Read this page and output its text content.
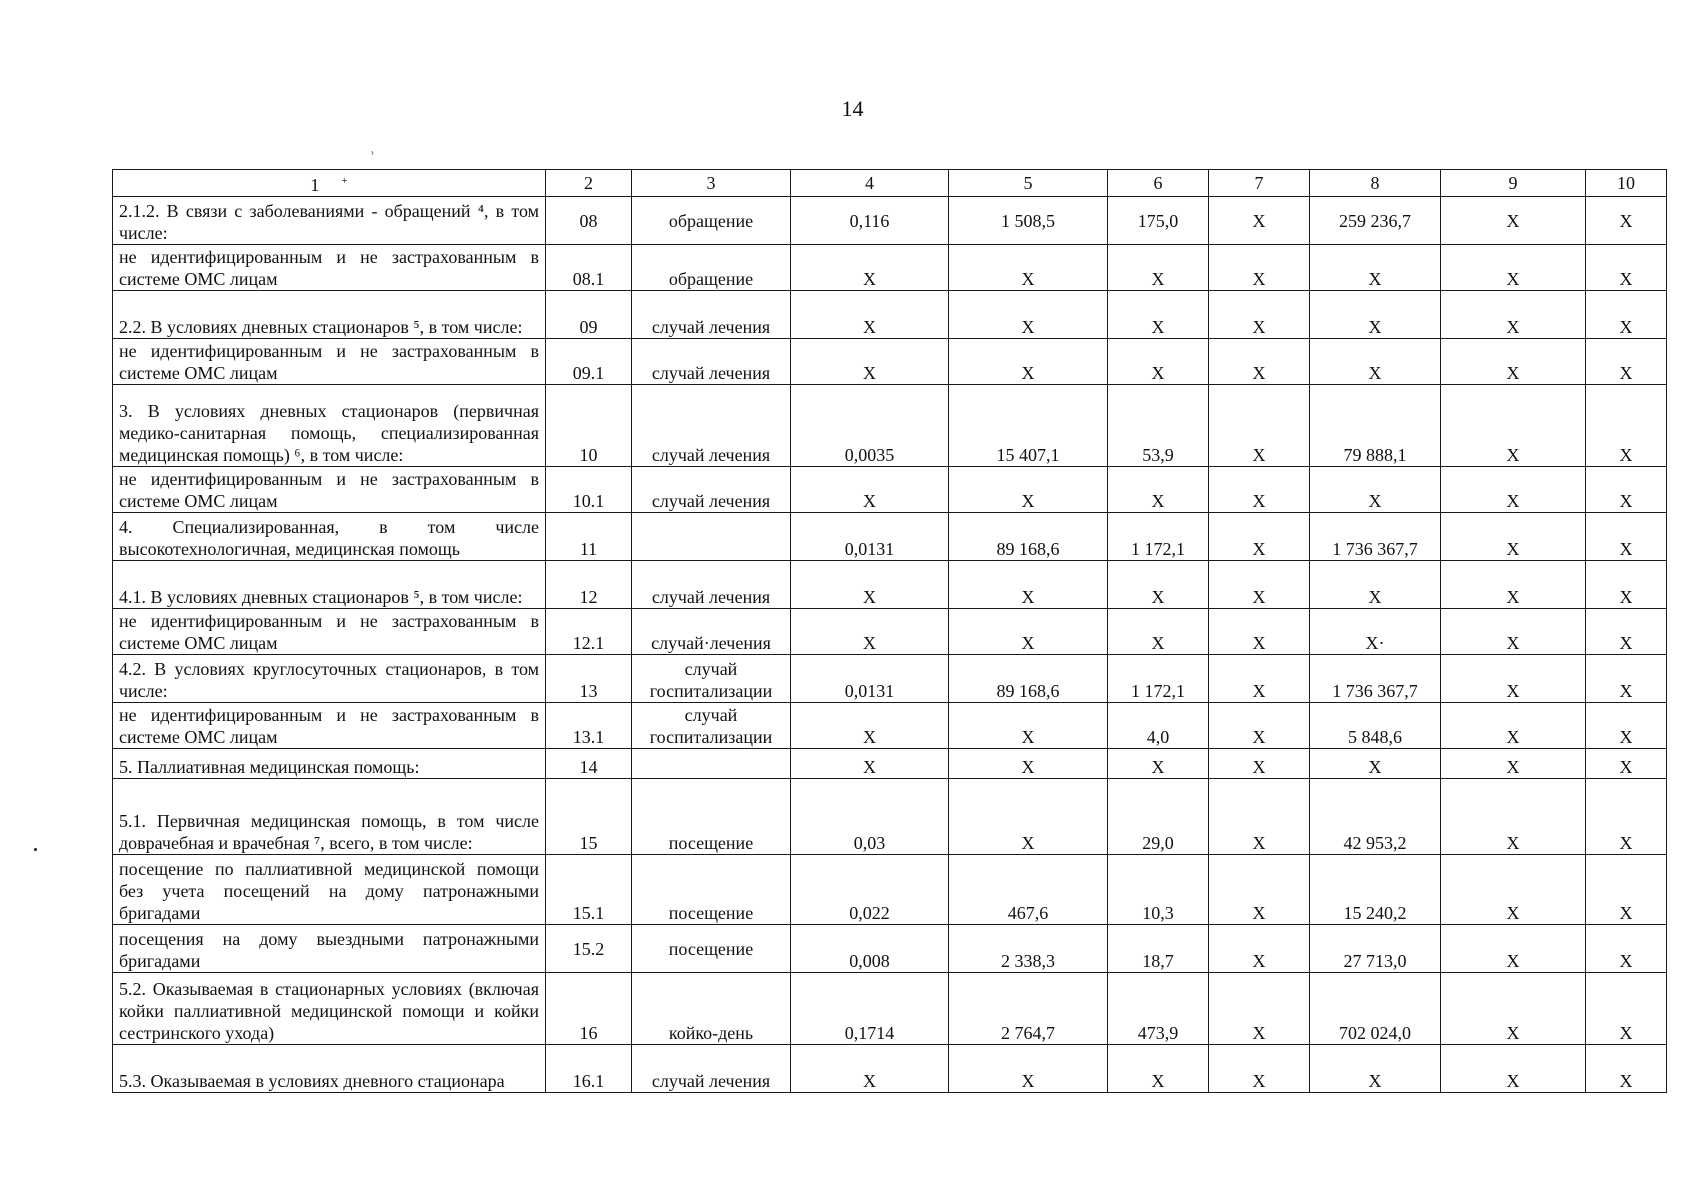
14
ᵌ
1 +	2	3	4	5	6	7	8	9	10
2.1.2. В связи с заболеваниями - обращений ⁴, в том числе:	08	обращение	0,116	1 508,5	175,0	X	259 236,7	X	X
не идентифицированным и не застрахованным в системе ОМС лицам	08.1	обращение	X	X	X	X	X	X	X
2.2. В условиях дневных стационаров ⁵, в том числе:	09	случай лечения	X	X	X	X	X	X	X
не идентифицированным и не застрахованным в системе ОМС лицам	09.1	случай лечения	X	X	X	X	X	X	X
3. В условиях дневных стационаров (первичная медико-санитарная помощь, специализированная медицинская помощь) ⁶, в том числе:	10	случай лечения	0,0035	15 407,1	53,9	X	79 888,1	X	X
не идентифицированным и не застрахованным в системе ОМС лицам	10.1	случай лечения	X	X	X	X	X	X	X
4. Специализированная, в том числе высокотехнологичная, медицинская помощь	11		0,0131	89 168,6	1 172,1	X	1 736 367,7	X	X
4.1. В условиях дневных стационаров ⁵, в том числе:	12	случай лечения	X	X	X	X	X	X	X
не идентифицированным и не застрахованным в системе ОМС лицам	12.1	случай·лечения	X	X	X	X	X·	X	X
4.2. В условиях круглосуточных стационаров, в том числе:	13	случай госпитализации	0,0131	89 168,6	1 172,1	X	1 736 367,7	X	X
не идентифицированным и не застрахованным в системе ОМС лицам	13.1	случай госпитализации	X	X	4,0	X	5 848,6	X	X
5. Паллиативная медицинская помощь:	14		X	X	X	X	X	X	X
5.1. Первичная медицинская помощь, в том числе доврачебная и врачебная ⁷, всего, в том числе:	15	посещение	0,03	X	29,0	X	42 953,2	X	X
посещение по паллиативной медицинской помощи без учета посещений на дому патронажными бригадами	15.1	посещение	0,022	467,6	10,3	X	15 240,2	X	X
посещения на дому выездными патронажными бригадами	15.2	посещение	0,008	2 338,3	18,7	X	27 713,0	X	X
5.2. Оказываемая в стационарных условиях (включая койки паллиативной медицинской помощи и койки сестринского ухода)	16	койко-день	0,1714	2 764,7	473,9	X	702 024,0	X	X
5.3. Оказываемая в условиях дневного стационара	16.1	случай лечения	X	X	X	X	X	X	X
